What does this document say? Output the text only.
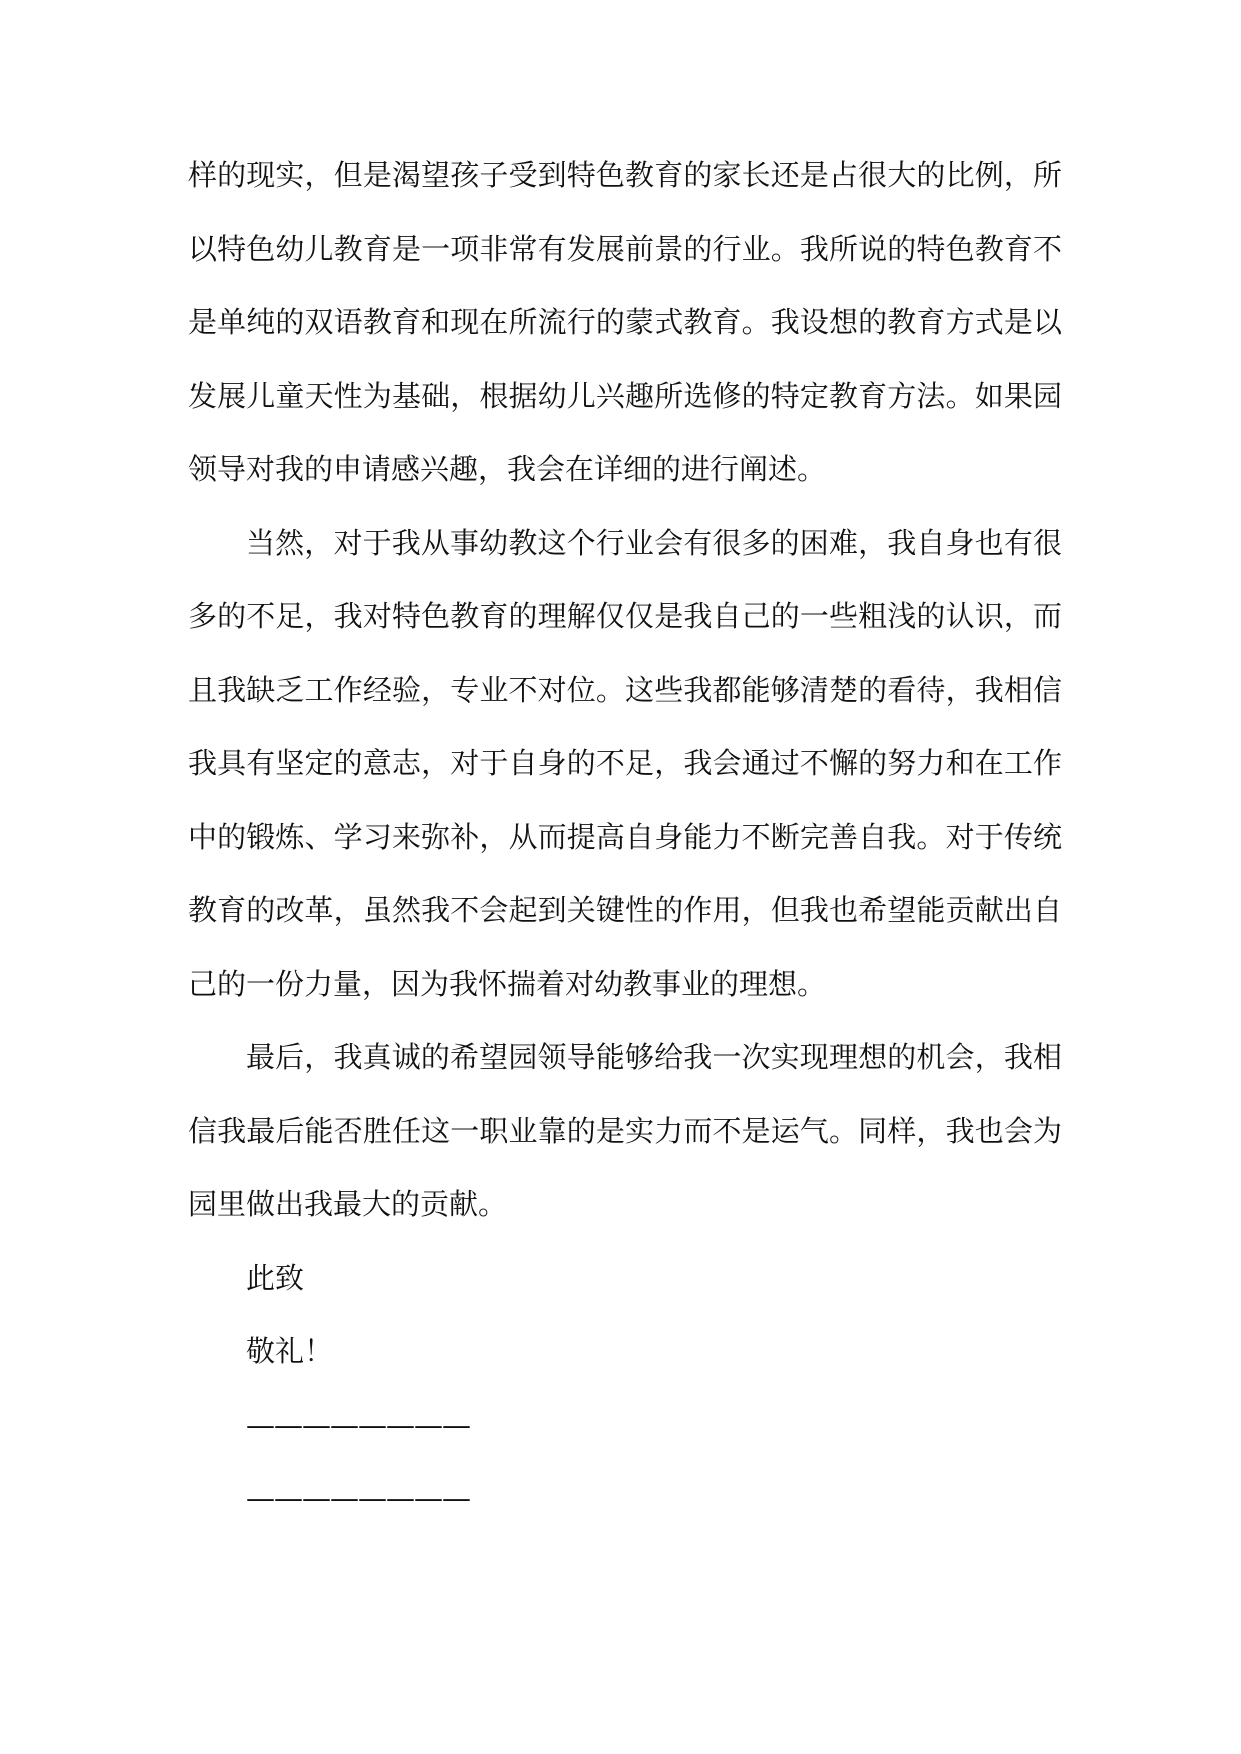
样的现实，但是渴望孩子受到特色教育的家长还是占很大的比例，所
以特色幼儿教育是一项非常有发展前景的行业。我所说的特色教育不
是单纯的双语教育和现在所流行的蒙式教育。我设想的教育方式是以
发展儿童天性为基础，根据幼儿兴趣所选修的特定教育方法。如果园
领导对我的申请感兴趣，我会在详细的进行阐述。
当然，对于我从事幼教这个行业会有很多的困难，我自身也有很
多的不足，我对特色教育的理解仅仅是我自己的一些粗浅的认识，而
且我缺乏工作经验，专业不对位。这些我都能够清楚的看待，我相信
我具有坚定的意志，对于自身的不足，我会通过不懈的努力和在工作
中的锻炼、学习来弥补，从而提高自身能力不断完善自我。对于传统
教育的改革，虽然我不会起到关键性的作用，但我也希望能贡献出自
己的一份力量，因为我怀揣着对幼教事业的理想。
最后，我真诚的希望园领导能够给我一次实现理想的机会，我相
信我最后能否胜任这一职业靠的是实力而不是运气。同样，我也会为
园里做出我最大的贡献。
此致
敬礼！
————————
————————
